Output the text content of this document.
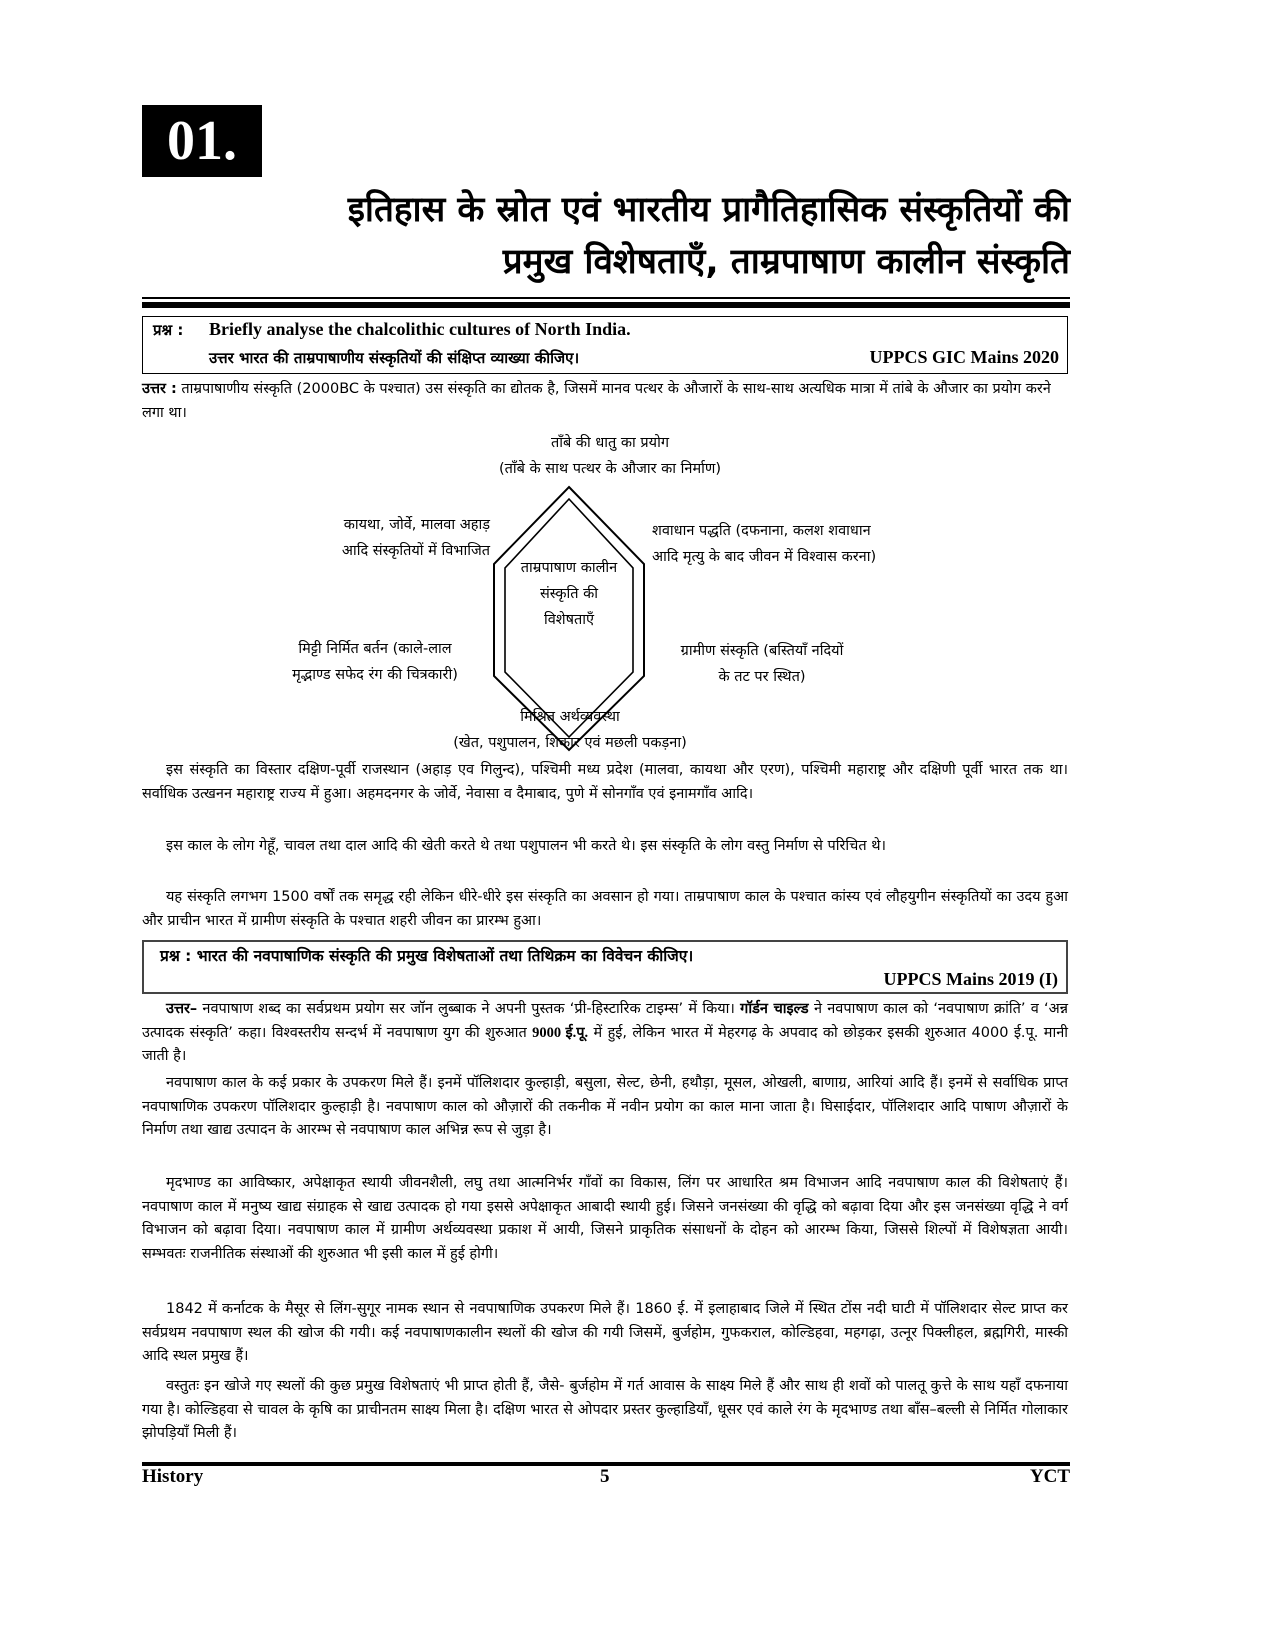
01.
इतिहास के स्रोत एवं भारतीय प्रागैतिहासिक संस्कृतियों की
प्रमुख विशेषताएँ, ताम्रपाषाण कालीन संस्कृति
प्रश्न : Briefly analyse the chalcolithic cultures of North India.
उत्तर भारत की ताम्रपाषाणीय संस्कृतियों की संक्षिप्त व्याख्या कीजिए।	UPPCS GIC Mains 2020
उत्तर : ताम्रपाषाणीय संस्कृति (2000BC के पश्चात) उस संस्कृति का द्योतक है, जिसमें मानव पत्थर के औजारों के साथ-साथ अत्यधिक मात्रा में तांबे के औजार का प्रयोग करने लगा था।
ताम्रपाषाण कालीन
संस्कृति की
विशेषताएँ
ताँबे की धातु का प्रयोग
(ताँबे के साथ पत्थर के औजार का निर्माण)
कायथा, जोर्वे, मालवा अहाड़
आदि संस्कृतियों में विभाजित
शवाधान पद्धति (दफनाना, कलश शवाधान
आदि मृत्यु के बाद जीवन में विश्वास करना)
मिट्टी निर्मित बर्तन (काले-लाल
मृद्भाण्ड सफेद रंग की चित्रकारी)
ग्रामीण संस्कृति (बस्तियाँ नदियों
के तट पर स्थित)
मिश्रित अर्थव्यवस्था
(खेत, पशुपालन, शिकार एवं मछली पकड़ना)
इस संस्कृति का विस्तार दक्षिण-पूर्वी राजस्थान (अहाड़ एव गिलुन्द), पश्चिमी मध्य प्रदेश (मालवा, कायथा और एरण), पश्चिमी महाराष्ट्र और दक्षिणी पूर्वी भारत तक था। सर्वाधिक उत्खनन महाराष्ट्र राज्य में हुआ। अहमदनगर के जोर्वे, नेवासा व दैमाबाद, पुणे में सोनगाँव एवं इनामगाँव आदि।
इस काल के लोग गेहूँ, चावल तथा दाल आदि की खेती करते थे तथा पशुपालन भी करते थे। इस संस्कृति के लोग वस्तु निर्माण से परिचित थे।
यह संस्कृति लगभग 1500 वर्षों तक समृद्ध रही लेकिन धीरे-धीरे इस संस्कृति का अवसान हो गया। ताम्रपाषाण काल के पश्चात कांस्य एवं लौहयुगीन संस्कृतियों का उदय हुआ और प्राचीन भारत में ग्रामीण संस्कृति के पश्चात शहरी जीवन का प्रारम्भ हुआ।
प्रश्न : भारत की नवपाषाणिक संस्कृति की प्रमुख विशेषताओं तथा तिथिक्रम का विवेचन कीजिए।
UPPCS Mains 2019 (I)
उत्तर– नवपाषाण शब्द का सर्वप्रथम प्रयोग सर जॉन लुब्बाक ने अपनी पुस्तक ‘प्री-हिस्टारिक टाइम्स’ में किया। गॉर्डन चाइल्ड ने नवपाषाण काल को ‘नवपाषाण क्रांति’ व ‘अन्न उत्पादक संस्कृति’ कहा। विश्वस्तरीय सन्दर्भ में नवपाषाण युग की शुरुआत 9000 ई.पू. में हुई, लेकिन भारत में मेहरगढ़ के अपवाद को छोड़कर इसकी शुरुआत 4000 ई.पू. मानी जाती है।
नवपाषाण काल के कई प्रकार के उपकरण मिले हैं। इनमें पॉलिशदार कुल्हाड़ी, बसुला, सेल्ट, छेनी, हथौड़ा, मूसल, ओखली, बाणाग्र, आरियां आदि हैं। इनमें से सर्वाधिक प्राप्त नवपाषाणिक उपकरण पॉलिशदार कुल्हाड़ी है। नवपाषाण काल को औज़ारों की तकनीक में नवीन प्रयोग का काल माना जाता है। घिसाईदार, पॉलिशदार आदि पाषाण औज़ारों के निर्माण तथा खाद्य उत्पादन के आरम्भ से नवपाषाण काल अभिन्न रूप से जुड़ा है।
मृदभाण्ड का आविष्कार, अपेक्षाकृत स्थायी जीवनशैली, लघु तथा आत्मनिर्भर गाँवों का विकास, लिंग पर आधारित श्रम विभाजन आदि नवपाषाण काल की विशेषताएं हैं। नवपाषाण काल में मनुष्य खाद्य संग्राहक से खाद्य उत्पादक हो गया इससे अपेक्षाकृत आबादी स्थायी हुई। जिसने जनसंख्या की वृद्धि को बढ़ावा दिया और इस जनसंख्या वृद्धि ने वर्ग विभाजन को बढ़ावा दिया। नवपाषाण काल में ग्रामीण अर्थव्यवस्था प्रकाश में आयी, जिसने प्राकृतिक संसाधनों के दोहन को आरम्भ किया, जिससे शिल्पों में विशेषज्ञता आयी। सम्भवतः राजनीतिक संस्थाओं की शुरुआत भी इसी काल में हुई होगी।
1842 में कर्नाटक के मैसूर से लिंग-सुगूर नामक स्थान से नवपाषाणिक उपकरण मिले हैं। 1860 ई. में इलाहाबाद जिले में स्थित टोंस नदी घाटी में पॉलिशदार सेल्ट प्राप्त कर सर्वप्रथम नवपाषाण स्थल की खोज की गयी। कई नवपाषाणकालीन स्थलों की खोज की गयी जिसमें, बुर्जहोम, गुफकराल, कोल्डिहवा, महगढ़ा, उत्नूर पिक्लीहल, ब्रह्मगिरी, मास्की आदि स्थल प्रमुख हैं।
वस्तुतः इन खोजे गए स्थलों की कुछ प्रमुख विशेषताएं भी प्राप्त होती हैं, जैसे- बुर्जहोम में गर्त आवास के साक्ष्य मिले हैं और साथ ही शवों को पालतू कुत्ते के साथ यहाँ दफनाया गया है। कोल्डिहवा से चावल के कृषि का प्राचीनतम साक्ष्य मिला है। दक्षिण भारत से ओपदार प्रस्तर कुल्हाडियाँ, धूसर एवं काले रंग के मृदभाण्ड तथा बाँस–बल्ली से निर्मित गोलाकार झोपड़ियाँ मिली हैं।
History	5	YCT
